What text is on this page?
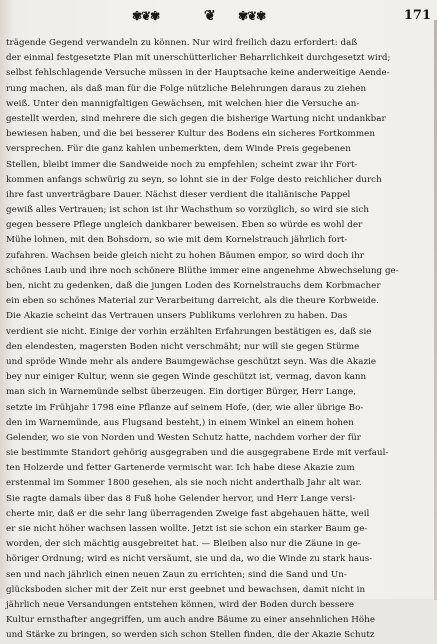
✾❦✾	❦ ✾❦✾	171
trägende Gegend verwandeln zu können. Nur wird freilich dazu erfordert: daß
der einmal festgesetzte Plan mit unerschütterlicher Beharrlichkeit durchgesetzt wird;
selbst fehlschlagende Versuche müssen in der Hauptsache keine anderweitige Aende-
rung machen, als daß man für die Folge nützliche Belehrungen daraus zu ziehen
weiß. Unter den mannigfaltigen Gewächsen, mit welchen hier die Versuche an-
gestellt werden, sind mehrere die sich gegen die bisherige Wartung nicht undankbar
bewiesen haben, und die bei besserer Kultur des Bodens ein sicheres Fortkommen
versprechen. Für die ganz kahlen unbemerkten, dem Winde Preis gegebenen
Stellen, bleibt immer die Sandweide noch zu empfehlen; scheint zwar ihr Fort-
kommen anfangs schwürig zu seyn, so lohnt sie in der Folge desto reichlicher durch
ihre fast unverträgbare Dauer. Nächst dieser verdient die italiänische Pappel
gewiß alles Vertrauen; ist schon ist ihr Wachsthum so vorzüglich, so wird sie sich
gegen bessere Pflege ungleich dankbarer beweisen. Eben so würde es wohl der
Mühe lohnen, mit den Bohsdorn, so wie mit dem Kornelstrauch jährlich fort-
zufahren. Wachsen beide gleich nicht zu hohen Bäumen empor, so wird doch ihr
schönes Laub und ihre noch schönere Blüthe immer eine angenehme Abwechselung ge-
ben, nicht zu gedenken, daß die jungen Loden des Kornelstrauchs dem Korbmacher
ein eben so schönes Material zur Verarbeitung darreicht, als die theure Korbweide.
Die Akazie scheint das Vertrauen unsers Publikums verlohren zu haben. Das
verdient sie nicht. Einige der vorhin erzählten Erfahrungen bestätigen es, daß sie
den elendesten, magersten Boden nicht verschmäht; nur will sie gegen Stürme
und spröde Winde mehr als andere Baumgewächse geschützt seyn. Was die Akazie
bey nur einiger Kultur, wenn sie gegen Winde geschützt ist, vermag, davon kann
man sich in Warnemünde selbst überzeugen. Ein dortiger Bürger, Herr Lange,
setzte im Frühjahr 1798 eine Pflanze auf seinem Hofe, (der, wie aller übrige Bo-
den im Warnemünde, aus Flugsand besteht,) in einem Winkel an einem hohen
Gelender, wo sie von Norden und Westen Schutz hatte, nachdem vorher der für
sie bestimmte Standort gehörig ausgegraben und die ausgegrabene Erde mit verfaul-
ten Holzerde und fetter Gartenerde vermischt war. Ich habe diese Akazie zum
erstenmal im Sommer 1800 gesehen, als sie noch nicht anderthalb Jahr alt war.
Sie ragte damals über das 8 Fuß hohe Gelender hervor, und Herr Lange versi-
cherte mir, daß er die sehr lang überragenden Zweige fast abgehauen hätte, weil
er sie nicht höher wachsen lassen wollte. Jetzt ist sie schon ein starker Baum ge-
worden, der sich mächtig ausgebreitet hat. — Bleiben also nur die Zäune in ge-
höriger Ordnung; wird es nicht versäumt, sie und da, wo die Winde zu stark haus-
sen und nach jährlich einen neuen Zaun zu errichten; sind die Sand und Un-
glücksboden sicher mit der Zeit nur erst geebnet und bewachsen, damit nicht in
jährlich neue Versandungen entstehen können, wird der Boden durch bessere
Kultur ernsthafter angegriffen, um auch andre Bäume zu einer ansehnlichen Höhe
und Stärke zu bringen, so werden sich schon Stellen finden, die der Akazie Schutz
